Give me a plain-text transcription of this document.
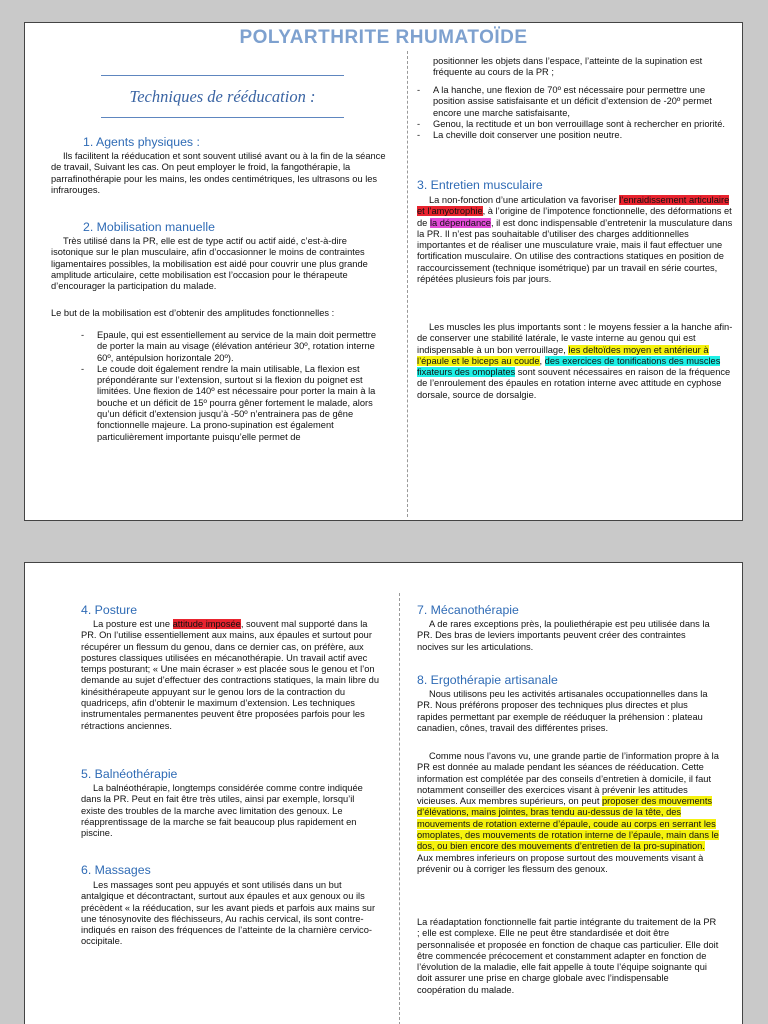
POLYARTHRITE RHUMATOÏDE
Techniques de rééducation :
1. Agents physiques :

Ils facilitent la rééducation et sont souvent utilisé avant ou à la fin de la séance de travail, Suivant les cas. On peut employer le froid, la fangothérapie, la parrafinothérapie pour les mains, les ondes centimétriques, les ultrasons ou les infrarouges.

2. Mobilisation manuelle

Très utilisé dans la PR, elle est de type actif ou actif aidé, c’est-à-dire isotonique sur le plan musculaire, afin d’occasionner le moins de contraintes ligamentaires possibles, la mobilisation est aidé pour couvrir une plus grande amplitude articulaire, cette mobilisation est l’occasion pour le thérapeute d’encourager la participation du malade.

Le but de la mobilisation est d’obtenir des amplitudes fonctionnelles :

- Epaule, qui est essentiellement au service de la main doit permettre de porter la main au visage (élévation antérieur 30º, rotation interne 60º, antépulsion horizontale 20º).
- Le coude doit également rendre la main utilisable, La flexion est prépondérante sur l’extension, surtout si la flexion du poignet est limitées. Une flexion de 140º est nécessaire pour porter la main à la bouche et un déficit de 15º pourra gêner fortement le malade, alors qu’un déficit d’extension jusqu’à -50º n’entrainera pas de gêne fonctionnelle majeure. La prono-supination est également particulièrement importante puisqu’elle permet de

positionner les objets dans l’espace, l’atteinte de la supination est fréquente au cours de la PR ;

- A la hanche, une flexion de 70º est nécessaire pour permettre une position assise satisfaisante et un déficit d’extension de -20º permet encore une marche satisfaisante,
- Genou, la rectitude et un bon verrouillage sont à rechercher en priorité.
- La cheville doit conserver une position neutre.
3. Entretien musculaire

La non-fonction d’une articulation va favoriser l’enraidissement articulaire et l’amyotrophie, à l’origine de l’impotence fonctionnelle, des déformations et de la dépendance, il est donc indispensable d’entretenir la musculature dans la PR. Il n’est pas souhaitable d’utiliser des charges additionnelles importantes et de réaliser une musculature vraie, mais il faut effectuer une fortification musculaire. On utilise des contractions statiques en position de raccourcissement (technique isométrique) par un travail en série courtes, répétées plusieurs fois par jours.

Les muscles les plus importants sont : le moyens fessier a la hanche afin-de conserver une stabilité latérale, le vaste interne au genou qui est indispensable à un bon verrouillage, les deltoïdes moyen et antérieur à l’épaule et le biceps au coude, des exercices de tonifications des muscles fixateurs des omoplates sont souvent nécessaires en raison de la fréquence de l’enroulement des épaules en rotation interne avec attitude en cyphose dorsale, source de dorsalgie.

4. Posture

La posture est une attitude imposée, souvent mal supporté dans la PR. On l’utilise essentiellement aux mains, aux épaules et surtout pour récupérer un flessum du genou, dans ce dernier cas, on préfère, aux postures classiques utilisées en mécanothérapie. Un travail actif avec temps posturant; « Une main écraser » est placée sous le genou et l’on demande au sujet d’effectuer des contractions statiques, la main libre du kinésithérapeute appuyant sur le genou lors de la contraction du quadriceps, afin d’obtenir le maximum d’extension. Les techniques instrumentales permanentes peuvent être proposées parfois pour les rétractions anciennes.

5. Balnéothérapie

La balnéothérapie, longtemps considérée comme contre indiquée dans la PR. Peut en fait être très utiles, ainsi par exemple, lorsqu’il existe des troubles de la marche avec limitation des genoux. Le réapprentissage de la marche se fait beaucoup plus rapidement en piscine.

6. Massages

Les massages sont peu appuyés et sont utilisés dans un but antalgique et décontractant, surtout aux épaules et aux genoux ou ils précèdent « la rééducation, sur les avant pieds et parfois aux mains sur une ténosynovite des fléchisseurs, Au rachis cervical, ils sont contre-indiqués en raison des fréquences de l’atteinte de la charnière cervico-occipitale.

7. Mécanothérapie

A de rares exceptions près, la pouliethérapie est peu utilisée dans la PR. Des bras de leviers importants peuvent créer des contraintes nocives sur les articulations.

8. Ergothérapie artisanale

Nous utilisons peu les activités artisanales occupationnelles dans la PR. Nous préférons proposer des techniques plus directes et plus rapides permettant par exemple de rééduquer la préhension : plateau canadien, cônes, travail des différentes prises.

Comme nous l’avons vu, une grande partie de l’information propre à la PR est donnée au malade pendant les séances de rééducation. Cette information est complétée par des conseils d’entretien à domicile, il faut notamment conseiller des exercices visant à prévenir les attitudes vicieuses. Aux membres supérieurs, on peut proposer des mouvements d’élévations, mains jointes, bras tendu au-dessus de la tête, des mouvements de rotation externe d’épaule, coude au corps en serrant les omoplates, des mouvements de rotation interne de l’épaule, main dans le dos, ou bien encore des mouvements d’entretien de la pro-supination. Aux membres inferieurs on propose surtout des mouvements visant à prévenir ou à corriger les flessum des genoux.

La réadaptation fonctionnelle fait partie intégrante du traitement de la PR ; elle est complexe. Elle ne peut être standardisée et doit être personnalisée et proposée en fonction de chaque cas particulier. Elle doit être commencée précocement et constamment adapter en fonction de l’évolution de la maladie, elle fait appelle à toute l’équipe soignante qui doit assurer une prise en charge globale avec l’indispensable coopération du malade.
